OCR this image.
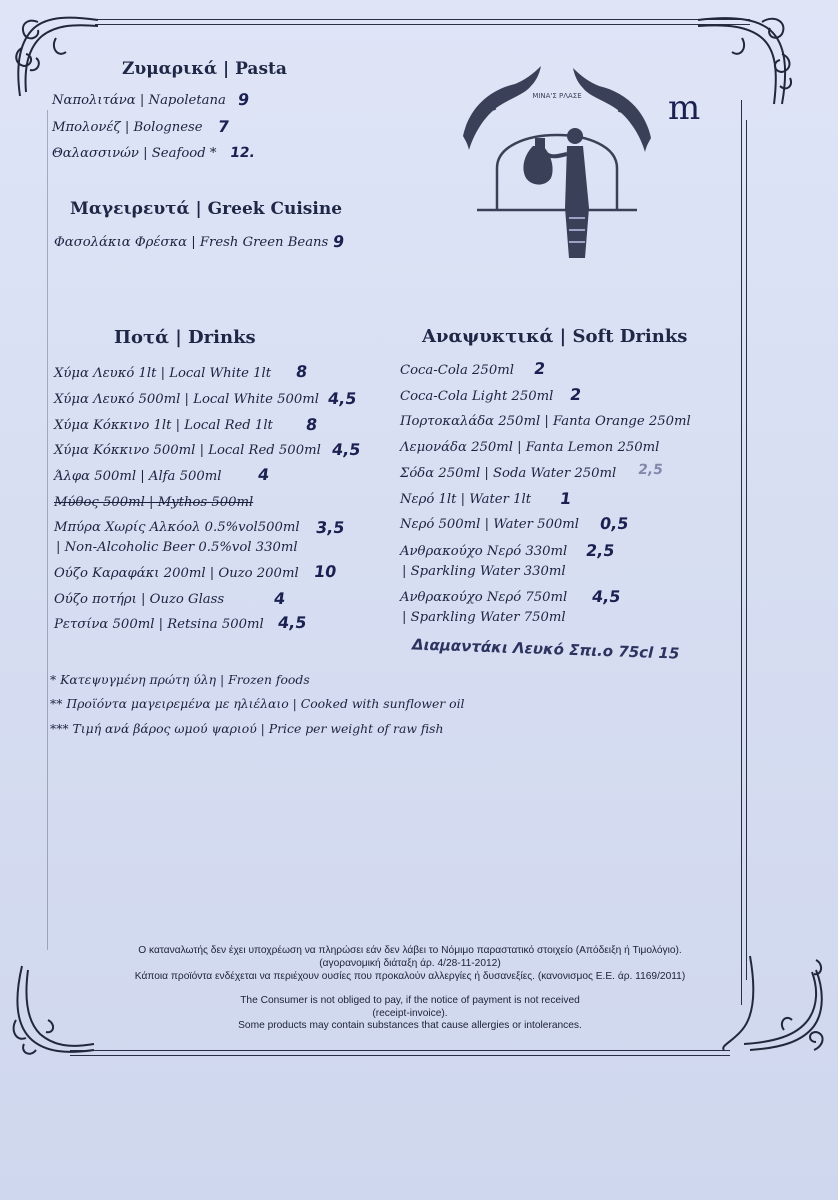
Ζυμαρικά | Pasta
Ναπολιτάνα | Napoletana 9
Μπολονέζ | Bolognese 7
Θαλασσινών | Seafood * 12.
Μαγειρευτά | Greek Cuisine
Φασολάκια Φρέσκα | Fresh Green Beans 9
ΜΙΝΑ'Σ ΡΛΑΣΕ	m
Ποτά | Drinks
Χύμα Λευκό 1lt | Local White 1lt 8
Χύμα Λευκό 500ml | Local White 500ml 4,5
Χύμα Κόκκινο 1lt | Local Red 1lt 8
Χύμα Κόκκινο 500ml | Local Red 500ml 4,5
Άλφα 500ml | Alfa 500ml 4
Μύθος 500ml | Mythos 500ml
Μπύρα Χωρίς Αλκόολ 0.5%vol500ml
| Non-Alcoholic Beer 0.5%vol 330ml
3,5
Ούζο Καραφάκι 200ml | Ouzo 200ml 10
Ούζο ποτήρι | Ouzo Glass	4
Ρετσίνα 500ml | Retsina 500ml 4,5
Αναψυκτικά | Soft Drinks
Coca-Cola 250ml 2
Coca-Cola Light 250ml 2
Πορτοκαλάδα 250ml | Fanta Orange 250ml
Λεμονάδα 250ml | Fanta Lemon 250ml
Σόδα 250ml | Soda Water 250ml 2,5
Νερό 1lt | Water 1lt 1
Νερό 500ml | Water 500ml 0,5
Ανθρακούχο Νερό 330ml
| Sparkling Water 330ml
2,5
Ανθρακούχο Νερό 750ml
| Sparkling Water 750ml
4,5
Διαμαντάκι Λευκό Σπι.ο 75cl 15
* Κατεψυγμένη πρώτη ύλη | Frozen foods
** Προϊόντα μαγειρεμένα με ηλιέλαιο | Cooked with sunflower oil
*** Τιμή ανά βάρος ωμού ψαριού | Price per weight of raw fish
Ο καταναλωτής δεν έχει υποχρέωση να πληρώσει εάν δεν λάβει το Νόμιμο παραστατικό στοιχείο (Απόδειξη ή Τιμολόγιο).
(αγορανομική διάταξη άρ. 4/28-11-2012)
Κάποια προϊόντα ενδέχεται να περιέχουν ουσίες που προκαλούν αλλεργίες ή δυσανεξίες. (κανονισμος Ε.Ε. άρ. 1169/2011)
The Consumer is not obliged to pay, if the notice of payment is not received
(receipt-invoice).
Some products may contain substances that cause allergies or intolerances.
